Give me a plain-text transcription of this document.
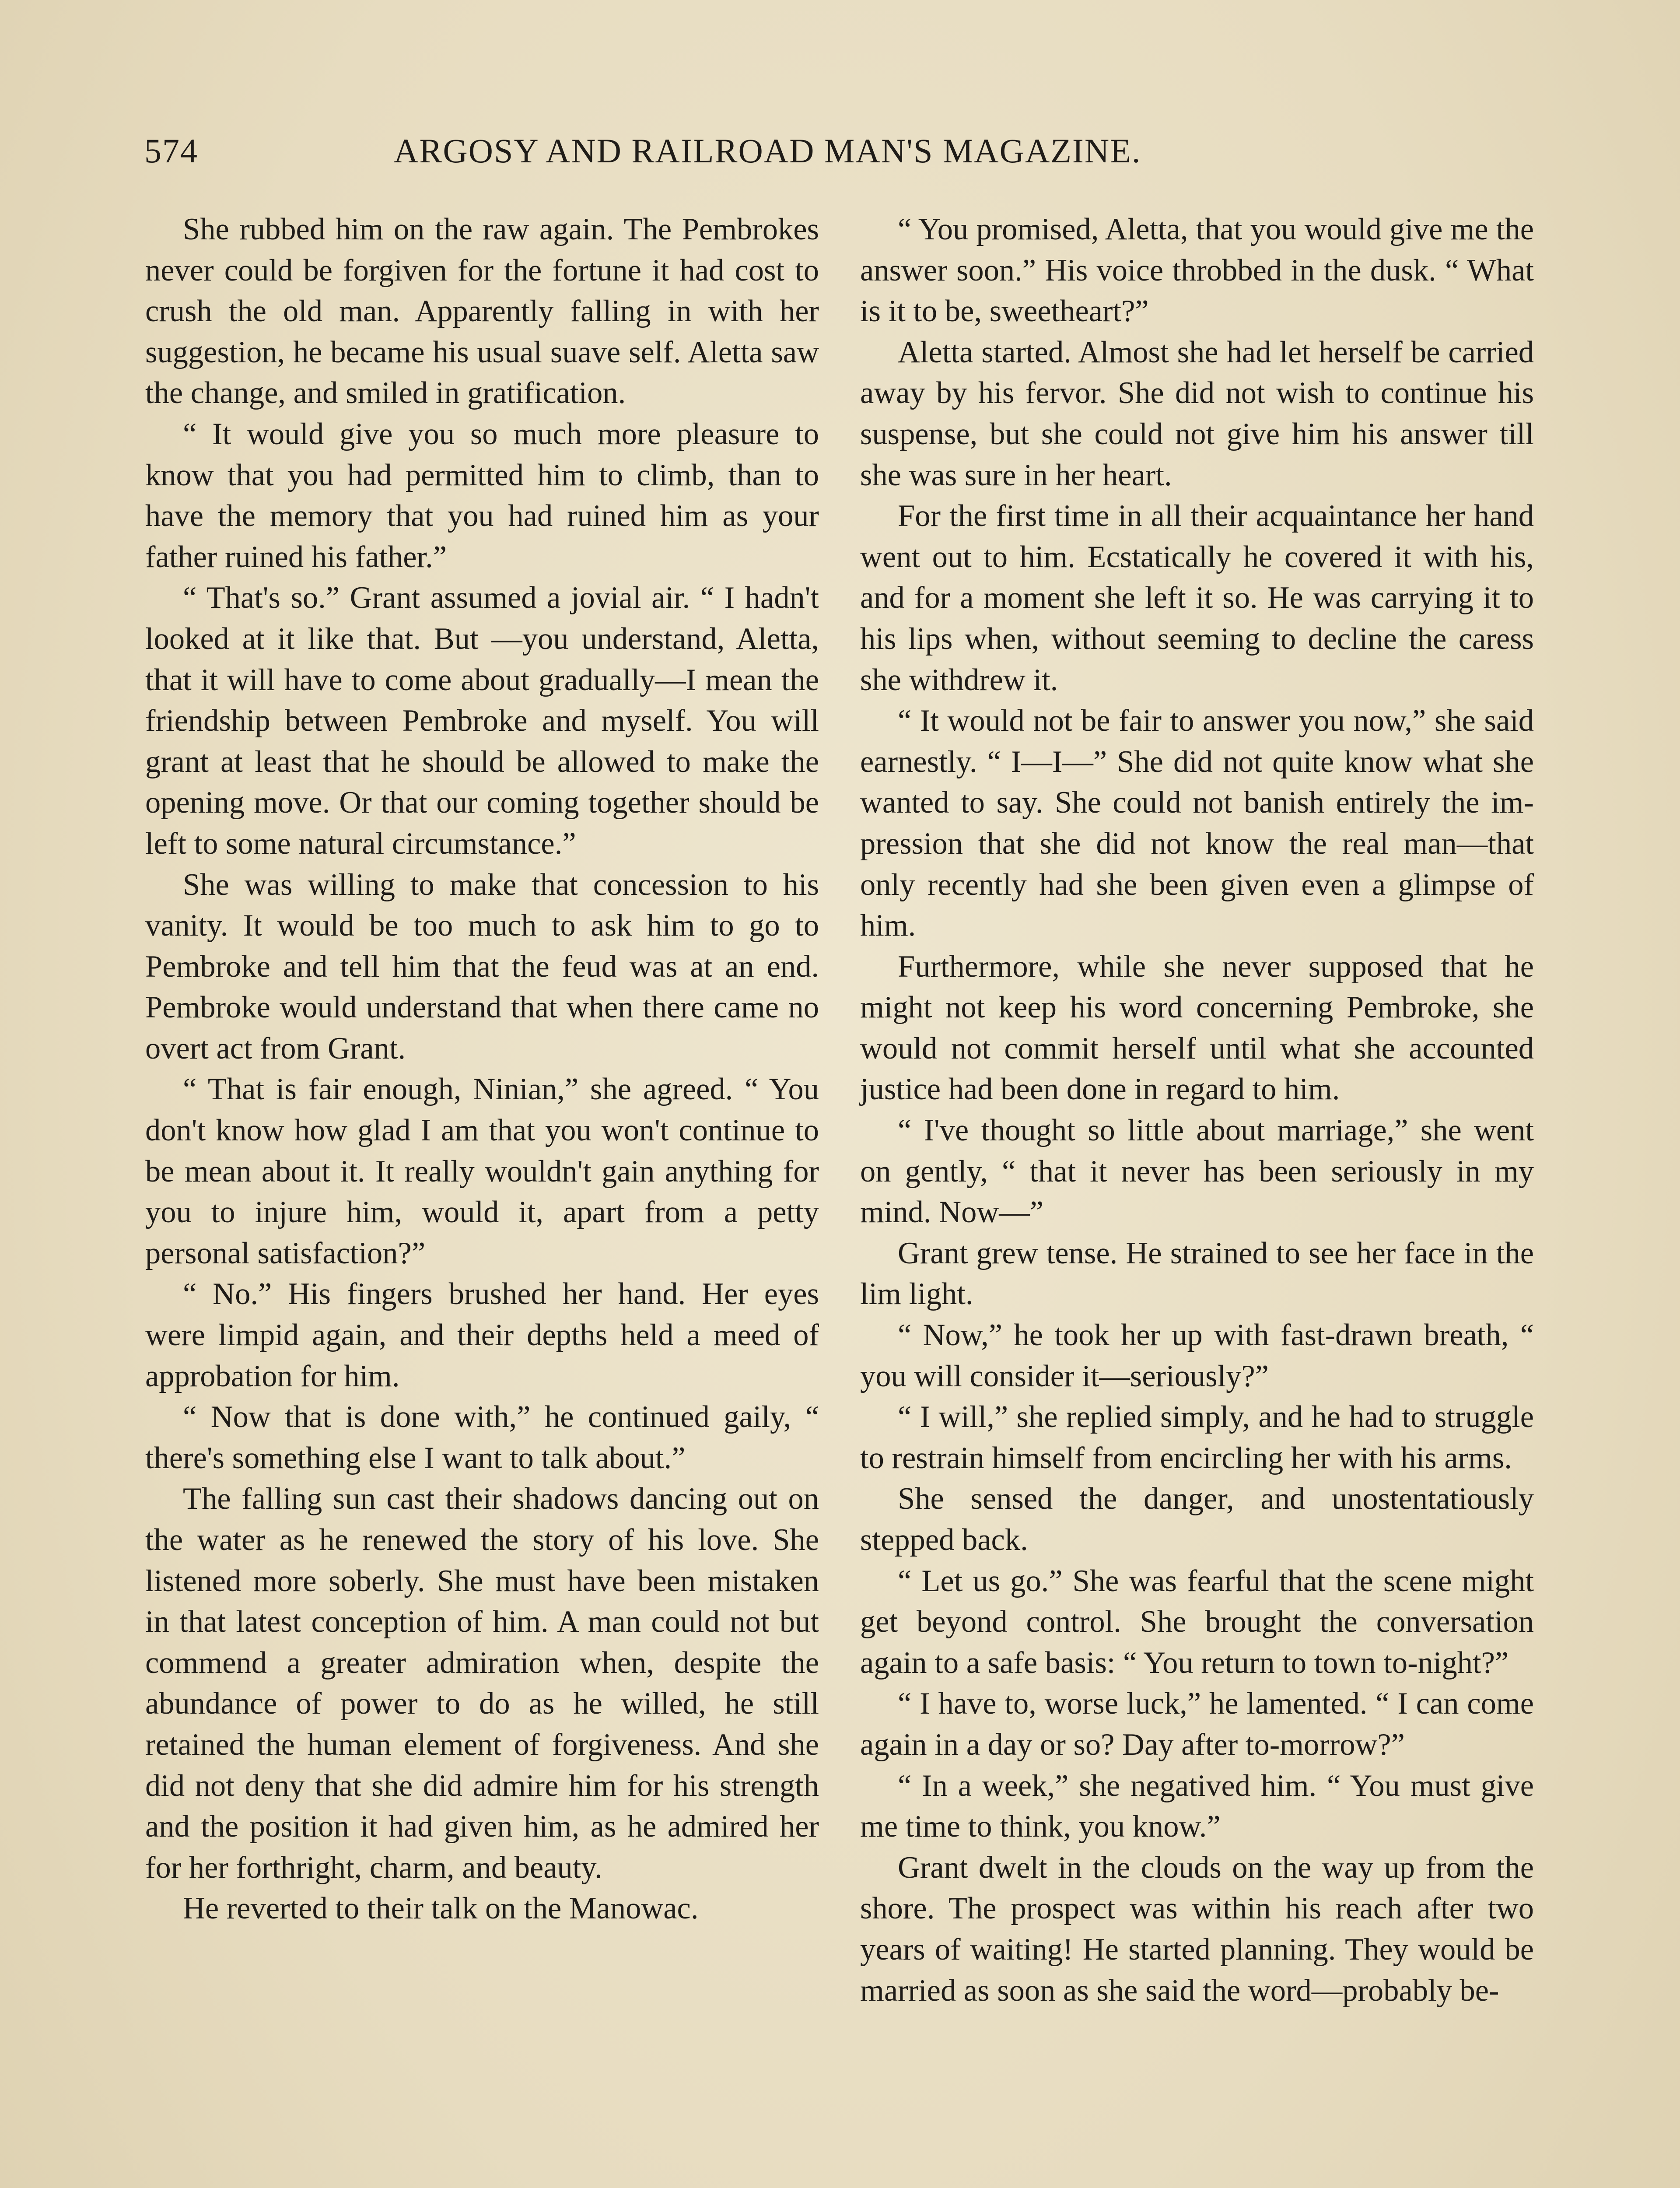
574	ARGOSY AND RAILROAD MAN'S MAGAZINE.

She rubbed him on the raw again. The Pembrokes never could be forgiven for the fortune it had cost to crush the old man. Apparently falling in with her suggestion, he became his usual suave self. Aletta saw the change, and smiled in gratification.

“ It would give you so much more pleasure to know that you had permitted him to climb, than to have the memory that you had ruined him as your father ruined his father.”

“ That's so.” Grant assumed a jovial air. “ I hadn't looked at it like that. But —you understand, Aletta, that it will have to come about gradually—I mean the friendship between Pembroke and myself. You will grant at least that he should be allowed to make the opening move. Or that our coming together should be left to some natural circumstance.”

She was willing to make that concession to his vanity. It would be too much to ask him to go to Pembroke and tell him that the feud was at an end. Pembroke would understand that when there came no overt act from Grant.

“ That is fair enough, Ninian,” she agreed. “ You don't know how glad I am that you won't continue to be mean about it. It really wouldn't gain anything for you to injure him, would it, apart from a petty personal satisfaction?”

“ No.” His fingers brushed her hand. Her eyes were limpid again, and their depths held a meed of approbation for him.

“ Now that is done with,” he continued gaily, “ there's something else I want to talk about.”

The falling sun cast their shadows dancing out on the water as he renewed the story of his love. She listened more soberly. She must have been mistaken in that latest conception of him. A man could not but commend a greater admiration when, despite the abundance of power to do as he willed, he still retained the human element of forgiveness. And she did not deny that she did admire him for his strength and the position it had given him, as he admired her for her forthright, charm, and beauty.

He reverted to their talk on the Manowac.

“ You promised, Aletta, that you would give me the answer soon.” His voice throbbed in the dusk. “ What is it to be, sweetheart?”

Aletta started. Almost she had let herself be carried away by his fervor. She did not wish to continue his suspense, but she could not give him his answer till she was sure in her heart.

For the first time in all their acquaintance her hand went out to him. Ecstatically he covered it with his, and for a moment she left it so. He was carrying it to his lips when, without seeming to decline the caress she withdrew it.

“ It would not be fair to answer you now,” she said earnestly. “ I—I—” She did not quite know what she wanted to say. She could not banish entirely the impression that she did not know the real man—that only recently had she been given even a glimpse of him.

Furthermore, while she never supposed that he might not keep his word concerning Pembroke, she would not commit herself until what she accounted justice had been done in regard to him.

“ I've thought so little about marriage,” she went on gently, “ that it never has been seriously in my mind. Now—”

Grant grew tense. He strained to see her face in the lim light.

“ Now,” he took her up with fast-drawn breath, “ you will consider it—seriously?”

“ I will,” she replied simply, and he had to struggle to restrain himself from encircling her with his arms.

She sensed the danger, and unostentatiously stepped back.

“ Let us go.” She was fearful that the scene might get beyond control. She brought the conversation again to a safe basis: “ You return to town to-night?”

“ I have to, worse luck,” he lamented. “ I can come again in a day or so? Day after to-morrow?”

“ In a week,” she negatived him. “ You must give me time to think, you know.”

Grant dwelt in the clouds on the way up from the shore. The prospect was within his reach after two years of waiting! He started planning. They would be married as soon as she said the word—probably be-
